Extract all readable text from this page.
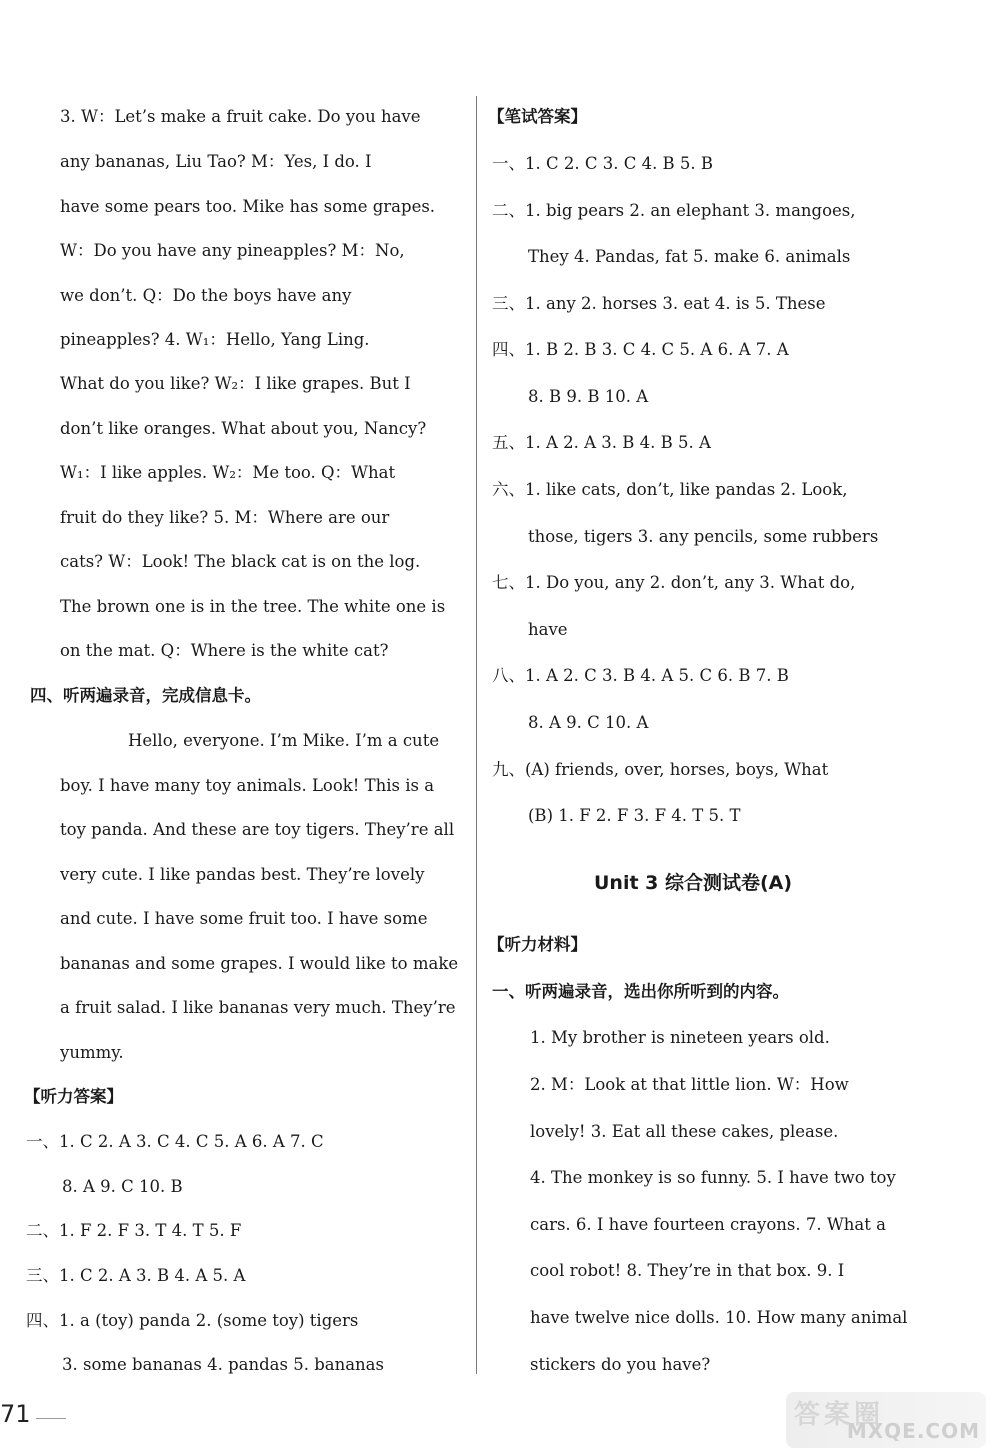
3. W：Let’s make a fruit cake. Do you have
any bananas, Liu Tao? M：Yes, I do. I
have some pears too. Mike has some grapes.
W：Do you have any pineapples? M：No,
we don’t. Q：Do the boys have any
pineapples? 4. W₁：Hello, Yang Ling.
What do you like? W₂：I like grapes. But I
don’t like oranges. What about you, Nancy?
W₁：I like apples. W₂：Me too. Q：What
fruit do they like? 5. M：Where are our
cats? W：Look! The black cat is on the log.
The brown one is in the tree. The white one is
on the mat. Q：Where is the white cat?
四、听两遍录音，完成信息卡。
Hello, everyone. I’m Mike. I’m a cute
boy. I have many toy animals. Look! This is a
toy panda. And these are toy tigers. They’re all
very cute. I like pandas best. They’re lovely
and cute. I have some fruit too. I have some
bananas and some grapes. I would like to make
a fruit salad. I like bananas very much. They’re
yummy.
【听力答案】
一、1. C 2. A 3. C 4. C 5. A 6. A 7. C
8. A 9. C 10. B
二、1. F 2. F 3. T 4. T 5. F
三、1. C 2. A 3. B 4. A 5. A
四、1. a (toy) panda 2. (some toy) tigers
3. some bananas 4. pandas 5. bananas
【笔试答案】
一、1. C 2. C 3. C 4. B 5. B
二、1. big pears 2. an elephant 3. mangoes,
They 4. Pandas, fat 5. make 6. animals
三、1. any 2. horses 3. eat 4. is 5. These
四、1. B 2. B 3. C 4. C 5. A 6. A 7. A
8. B 9. B 10. A
五、1. A 2. A 3. B 4. B 5. A
六、1. like cats, don’t, like pandas 2. Look,
those, tigers 3. any pencils, some rubbers
七、1. Do you, any 2. don’t, any 3. What do,
have
八、1. A 2. C 3. B 4. A 5. C 6. B 7. B
8. A 9. C 10. A
九、(A) friends, over, horses, boys, What
(B) 1. F 2. F 3. F 4. T 5. T
Unit 3 综合测试卷(A)
【听力材料】
一、听两遍录音，选出你所听到的内容。
1. My brother is nineteen years old.
2. M：Look at that little lion. W：How
lovely! 3. Eat all these cakes, please.
4. The monkey is so funny. 5. I have two toy
cars. 6. I have fourteen crayons. 7. What a
cool robot! 8. They’re in that box. 9. I
have twelve nice dolls. 10. How many animal
stickers do you have?
71	答案圈
MXQE.COM
